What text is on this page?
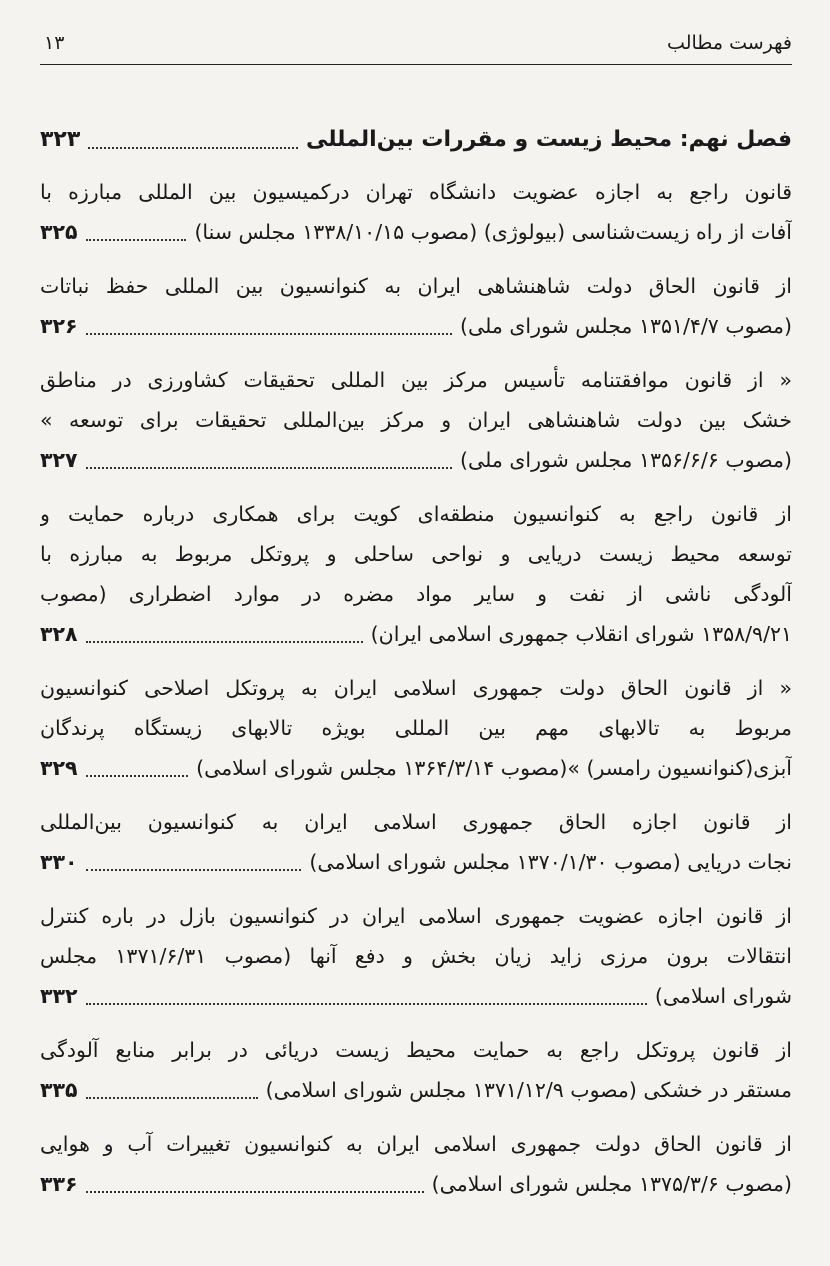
فهرست مطالب
۱۳
فصل نهم: محیط زیست و مقررات بین‌المللی
۳۲۳
قانون راجع به اجازه عضویت دانشگاه تهران درکمیسیون بین المللی مبارزه با
آفات از راه زیست‌شناسی (بیولوژی) (مصوب ۱۳۳۸/۱۰/۱۵ مجلس سنا)
۳۲۵
از قانون الحاق دولت شاهنشاهی ایران به کنوانسیون بین المللی حفظ نباتات
(مصوب ۱۳۵۱/۴/۷ مجلس شورای ملی)
۳۲۶
« از قانون موافقتنامه تأسیس مرکز بین المللی تحقیقات کشاورزی در مناطق
خشک بین دولت شاهنشاهی ایران و مرکز بین‌المللی تحقیقات برای توسعه »
(مصوب ۱۳۵۶/۶/۶ مجلس شورای ملی)
۳۲۷
از قانون راجع به کنوانسیون منطقه‌ای کویت برای همکاری درباره حمایت و
توسعه محیط زیست دریایی و نواحی ساحلی و پروتکل مربوط به مبارزه با
آلودگی ناشی از نفت و سایر مواد مضره در موارد اضطراری (مصوب
۱۳۵۸/۹/۲۱ شورای انقلاب جمهوری اسلامی ایران)
۳۲۸
« از قانون الحاق دولت جمهوری اسلامی ایران به پروتکل اصلاحی کنوانسیون
مربوط به تالابهای مهم بین المللی بویژه تالابهای زیستگاه پرندگان
آبزی(کنوانسیون رامسر) »(مصوب ۱۳۶۴/۳/۱۴ مجلس شورای اسلامی)
۳۲۹
از قانون اجازه الحاق جمهوری اسلامی ایران به کنوانسیون بین‌المللی
نجات دریایی (مصوب ۱۳۷۰/۱/۳۰ مجلس شورای اسلامی)
۳۳۰
از قانون اجازه عضویت جمهوری اسلامی ایران در کنوانسیون بازل در باره کنترل
انتقالات برون مرزی زاید زیان بخش و دفع آنها (مصوب ۱۳۷۱/۶/۳۱ مجلس
شورای اسلامی)
۳۳۲
از قانون پروتکل راجع به حمایت محیط زیست دریائی در برابر منابع آلودگی
مستقر در خشکی (مصوب ۱۳۷۱/۱۲/۹ مجلس شورای اسلامی)
۳۳۵
از قانون الحاق دولت جمهوری اسلامی ایران به کنوانسیون تغییرات آب و هوایی
(مصوب ۱۳۷۵/۳/۶ مجلس شورای اسلامی)
۳۳۶
